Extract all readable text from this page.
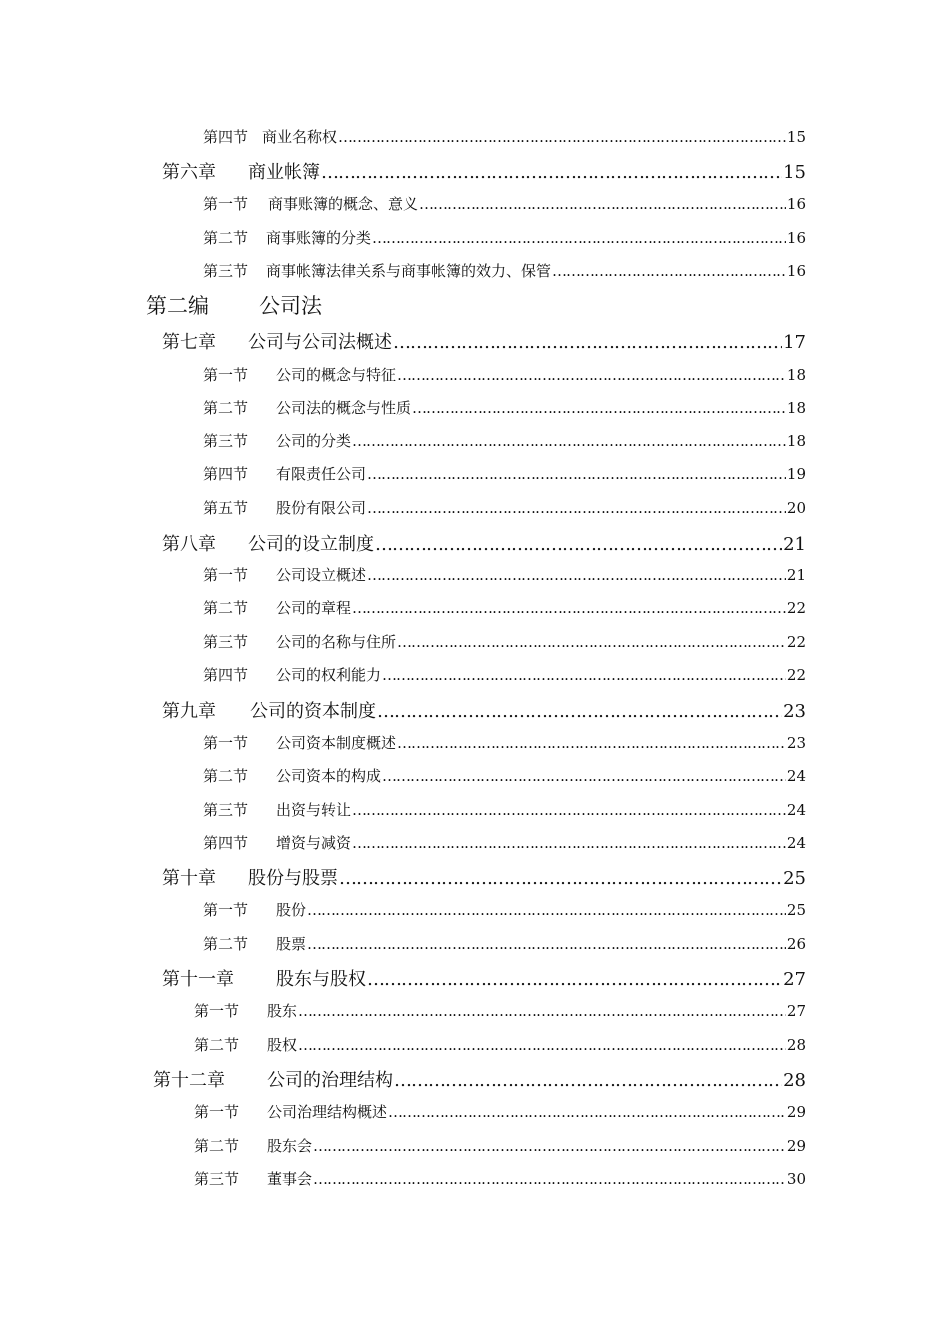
第四节 商业名称权 ……………………………………………………………………………………………………………………………………………………………………………………………………………………………………	15
第六章 商业帐簿 ……………………………………………………………………………………………………………………………………………………………………………………………………………………………………	15
第一节 商事账簿的概念、意义 ……………………………………………………………………………………………………………………………………………………………………………………………………………………………………	16
第二节 商事账簿的分类 ……………………………………………………………………………………………………………………………………………………………………………………………………………………………………	16
第三节 商事帐簿法律关系与商事帐簿的效力、保管 ……………………………………………………………………………………………………………………………………………………………………………………………………………………………………	16
第二编 公司法
第七章 公司与公司法概述 ……………………………………………………………………………………………………………………………………………………………………………………………………………………………………	17
第一节 公司的概念与特征 ……………………………………………………………………………………………………………………………………………………………………………………………………………………………………	18
第二节 公司法的概念与性质 ……………………………………………………………………………………………………………………………………………………………………………………………………………………………………	18
第三节 公司的分类 ……………………………………………………………………………………………………………………………………………………………………………………………………………………………………	18
第四节 有限责任公司 ……………………………………………………………………………………………………………………………………………………………………………………………………………………………………	19
第五节 股份有限公司 ……………………………………………………………………………………………………………………………………………………………………………………………………………………………………	20
第八章 公司的设立制度 ……………………………………………………………………………………………………………………………………………………………………………………………………………………………………	21
第一节 公司设立概述 ……………………………………………………………………………………………………………………………………………………………………………………………………………………………………	21
第二节 公司的章程 ……………………………………………………………………………………………………………………………………………………………………………………………………………………………………	22
第三节 公司的名称与住所 ……………………………………………………………………………………………………………………………………………………………………………………………………………………………………	22
第四节 公司的权利能力 ……………………………………………………………………………………………………………………………………………………………………………………………………………………………………	22
第九章 公司的资本制度 ……………………………………………………………………………………………………………………………………………………………………………………………………………………………………	23
第一节 公司资本制度概述 ……………………………………………………………………………………………………………………………………………………………………………………………………………………………………	23
第二节 公司资本的构成 ……………………………………………………………………………………………………………………………………………………………………………………………………………………………………	24
第三节 出资与转让 ……………………………………………………………………………………………………………………………………………………………………………………………………………………………………	24
第四节 增资与减资 ……………………………………………………………………………………………………………………………………………………………………………………………………………………………………	24
第十章 股份与股票 ……………………………………………………………………………………………………………………………………………………………………………………………………………………………………	25
第一节 股份 ……………………………………………………………………………………………………………………………………………………………………………………………………………………………………	25
第二节 股票 ……………………………………………………………………………………………………………………………………………………………………………………………………………………………………	26
第十一章 股东与股权 ……………………………………………………………………………………………………………………………………………………………………………………………………………………………………	27
第一节 股东 ……………………………………………………………………………………………………………………………………………………………………………………………………………………………………	27
第二节 股权 ……………………………………………………………………………………………………………………………………………………………………………………………………………………………………	28
第十二章 公司的治理结构 ……………………………………………………………………………………………………………………………………………………………………………………………………………………………………	28
第一节 公司治理结构概述 ……………………………………………………………………………………………………………………………………………………………………………………………………………………………………	29
第二节 股东会 ……………………………………………………………………………………………………………………………………………………………………………………………………………………………………	29
第三节 董事会 ……………………………………………………………………………………………………………………………………………………………………………………………………………………………………	30
